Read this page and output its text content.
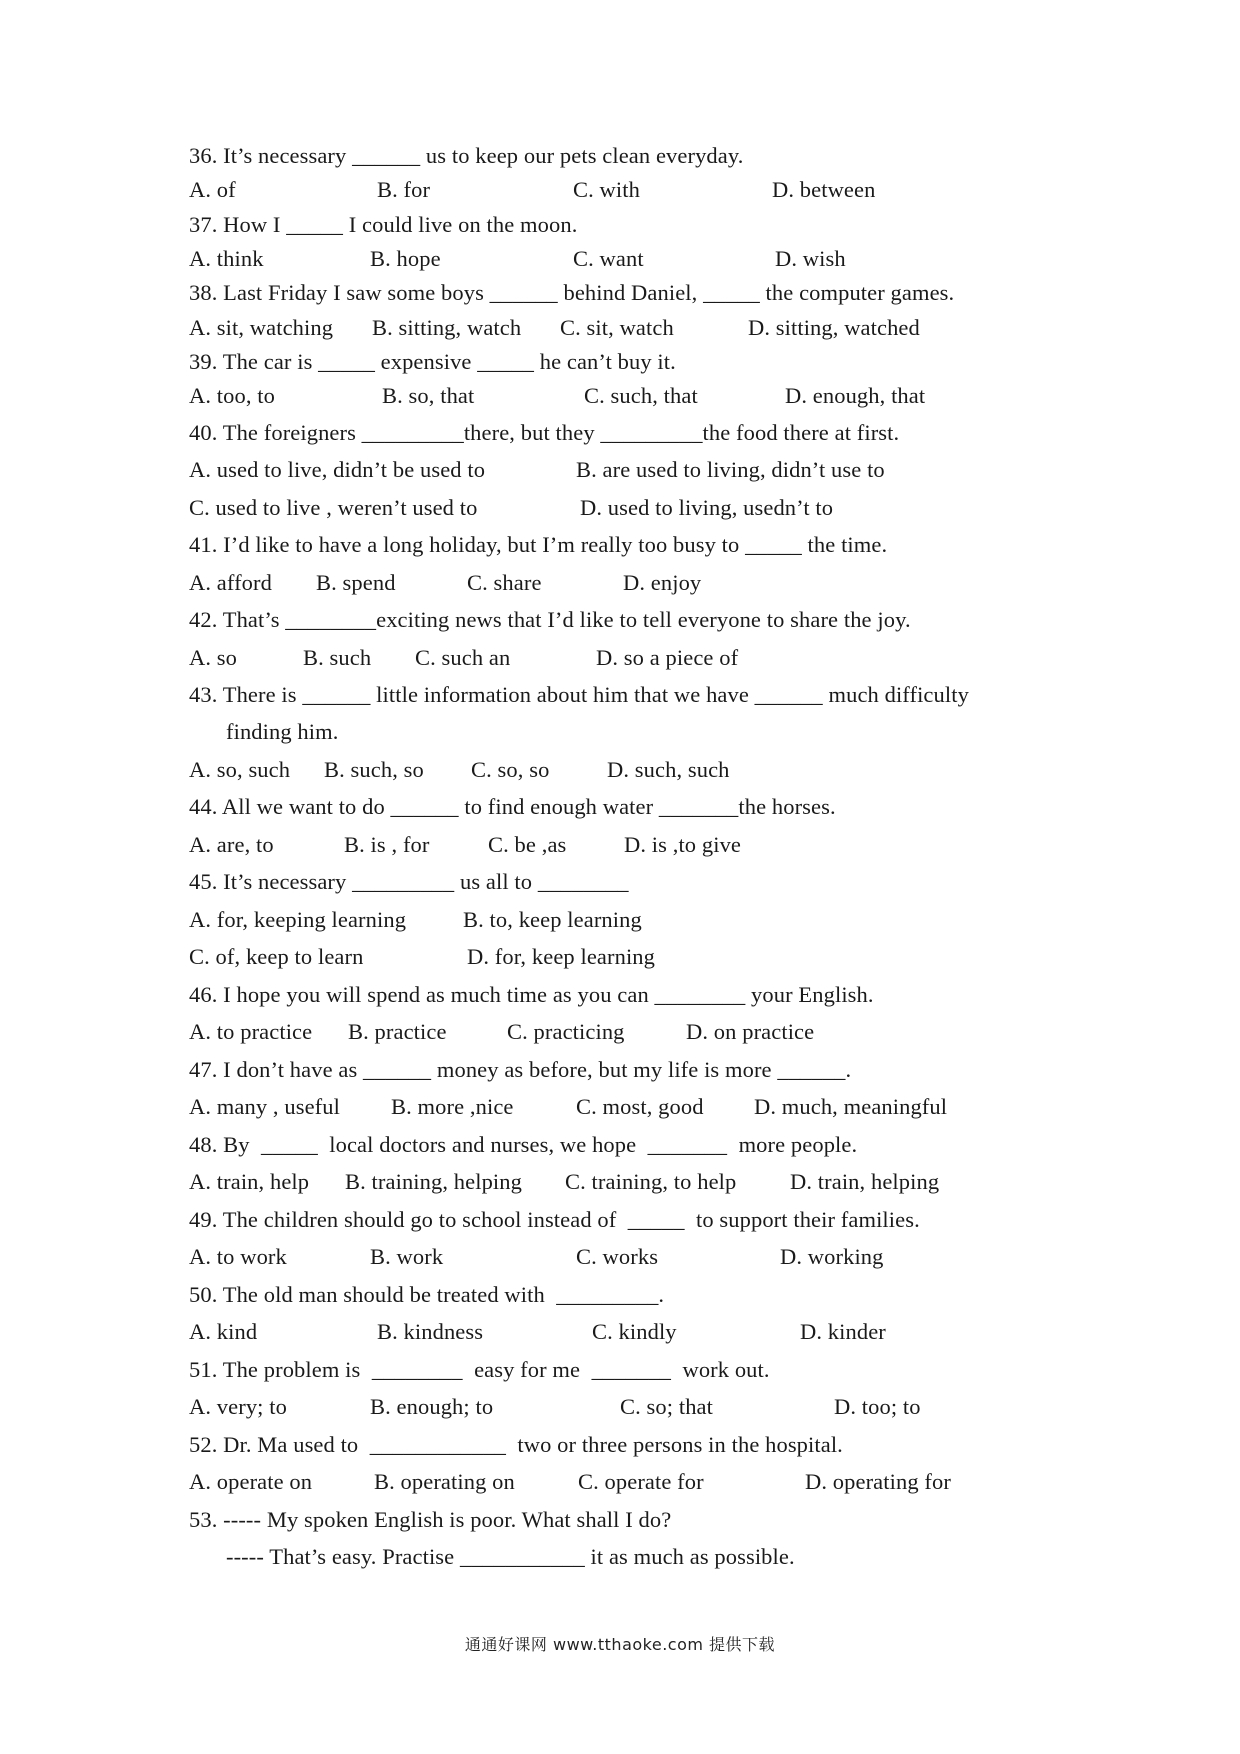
36. It’s necessary ______ us to keep our pets clean everyday.
A. of	B. for	C. with	D. between
37. How I _____ I could live on the moon.
A. think	B. hope	C. want	D. wish
38. Last Friday I saw some boys ______ behind Daniel, _____ the computer games.
A. sit, watching B. sitting, watch C. sit, watch	D. sitting, watched
39. The car is _____ expensive _____ he can’t buy it.
A. too, to	B. so, that	C. such, that	D. enough, that
40. The foreigners _________there, but they _________the food there at first.
A. used to live, didn’t be used to	B. are used to living, didn’t use to
C. used to live , weren’t used to	D. used to living, usedn’t to
41. I’d like to have a long holiday, but I’m really too busy to _____ the time.
A. afford B. spend	C. share	D. enjoy
42. That’s ________exciting news that I’d like to tell everyone to share the joy.
A. so	B. such C. such an	D. so a piece of
43. There is ______ little information about him that we have ______ much difficulty
finding him.
A. so, such B. such, so C. so, so	D. such, such
44. All we want to do ______ to find enough water _______the horses.
A. are, to	B. is , for	C. be ,as	D. is ,to give
45. It’s necessary _________ us all to ________
A. for, keeping learning	B. to, keep learning
C. of, keep to learn	D. for, keep learning
46. I hope you will spend as much time as you can ________ your English.
A. to practice B. practice	C. practicing	D. on practice
47. I don’t have as ______ money as before, but my life is more ______.
A. many , useful B. more ,nice	C. most, good D. much, meaningful
48. By  _____  local doctors and nurses, we hope  _______  more people.
A. train, help B. training, helping C. training, to help D. train, helping
49. The children should go to school instead of  _____  to support their families.
A. to work	B. work	C. works	D. working
50. The old man should be treated with  _________.
A. kind	B. kindness	C. kindly	D. kinder
51. The problem is  ________  easy for me  _______  work out.
A. very; to	B. enough; to	C. so; that	D. too; to
52. Dr. Ma used to  ____________  two or three persons in the hospital.
A. operate on	B. operating on	C. operate for	D. operating for
53. ----- My spoken English is poor. What shall I do?
----- That’s easy. Practise ___________ it as much as possible.
通通好课网 www.tthaoke.com 提供下载
